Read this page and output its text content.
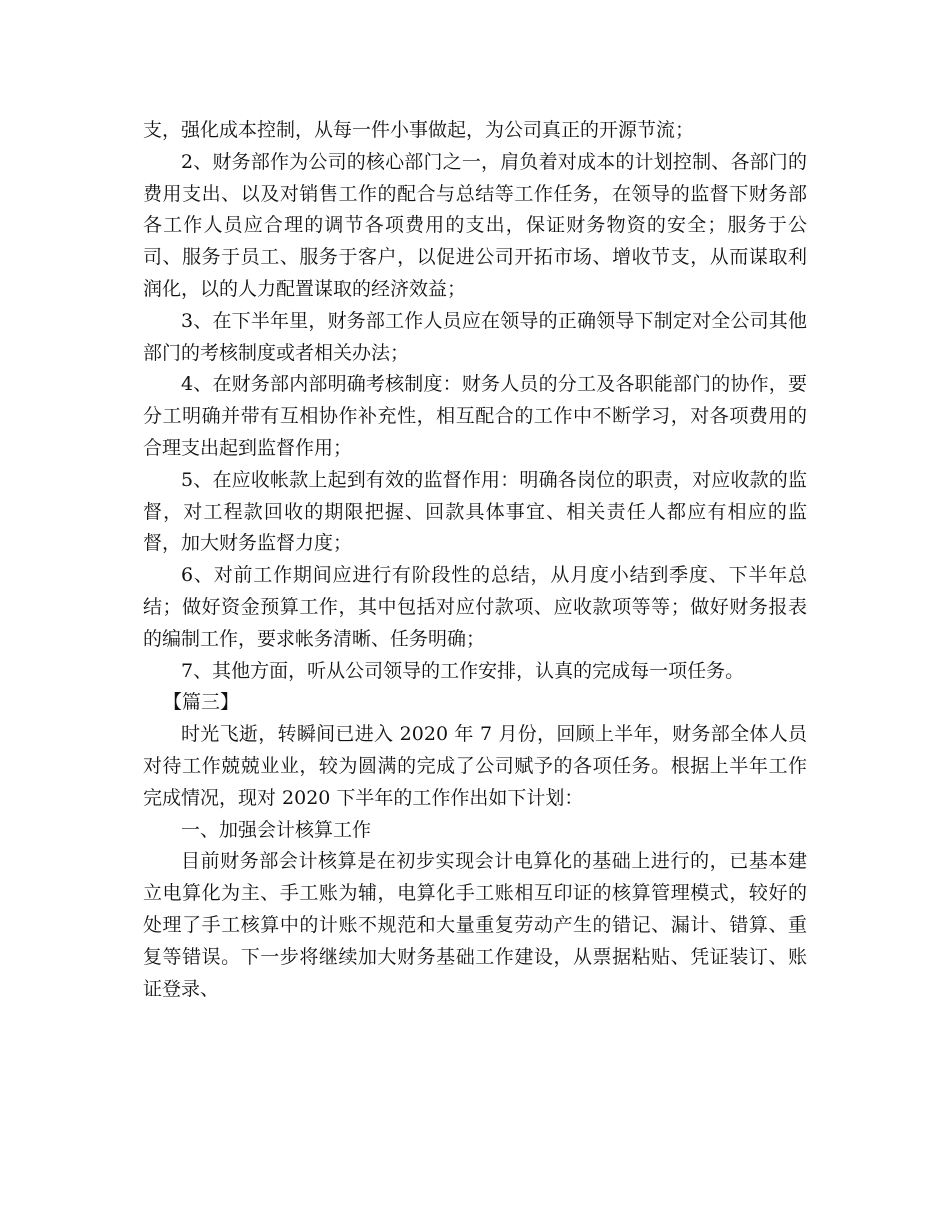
支，强化成本控制，从每一件小事做起，为公司真正的开源节流；

2、财务部作为公司的核心部门之一，肩负着对成本的计划控制、各部门的费用支出、以及对销售工作的配合与总结等工作任务，在领导的监督下财务部各工作人员应合理的调节各项费用的支出，保证财务物资的安全；服务于公司、服务于员工、服务于客户，以促进公司开拓市场、增收节支，从而谋取利润化，以的人力配置谋取的经济效益；

3、在下半年里，财务部工作人员应在领导的正确领导下制定对全公司其他部门的考核制度或者相关办法；

4、在财务部内部明确考核制度：财务人员的分工及各职能部门的协作，要分工明确并带有互相协作补充性，相互配合的工作中不断学习，对各项费用的合理支出起到监督作用；

5、在应收帐款上起到有效的监督作用：明确各岗位的职责，对应收款的监督，对工程款回收的期限把握、回款具体事宜、相关责任人都应有相应的监督，加大财务监督力度；

6、对前工作期间应进行有阶段性的总结，从月度小结到季度、下半年总结；做好资金预算工作，其中包括对应付款项、应收款项等等；做好财务报表的编制工作，要求帐务清晰、任务明确；

7、其他方面，听从公司领导的工作安排，认真的完成每一项任务。

【篇三】

时光飞逝，转瞬间已进入 2020 年 7 月份，回顾上半年，财务部全体人员对待工作兢兢业业，较为圆满的完成了公司赋予的各项任务。根据上半年工作完成情况，现对 2020 下半年的工作作出如下计划：

一、加强会计核算工作

目前财务部会计核算是在初步实现会计电算化的基础上进行的，已基本建立电算化为主、手工账为辅，电算化手工账相互印证的核算管理模式，较好的处理了手工核算中的计账不规范和大量重复劳动产生的错记、漏计、错算、重复等错误。下一步将继续加大财务基础工作建设，从票据粘贴、凭证装订、账证登录、
